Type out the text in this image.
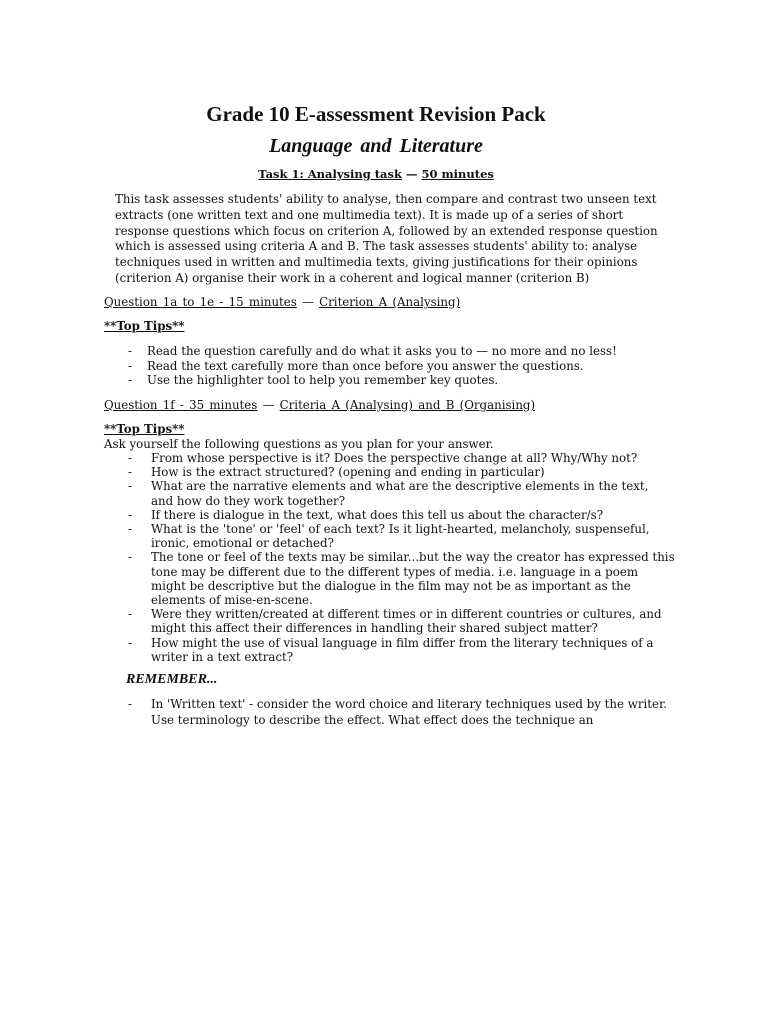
Grade 10 E-assessment Revision Pack
Language and Literature
Task 1: Analysing task — 50 minutes
This task assesses students' ability to analyse, then compare and contrast two unseen text
extracts (one written text and one multimedia text). It is made up of a series of short
response questions which focus on criterion A, followed by an extended response question
which is assessed using criteria A and B. The task assesses students' ability to: analyse
techniques used in written and multimedia texts, giving justifications for their opinions
(criterion A) organise their work in a coherent and logical manner (criterion B)
Question 1a to 1e - 15 minutes — Criterion A (Analysing)
**Top Tips**
- Read the question carefully and do what it asks you to — no more and no less!
- Read the text carefully more than once before you answer the questions.
- Use the highlighter tool to help you remember key quotes.
Question 1f - 35 minutes — Criteria A (Analysing) and B (Organising)
**Top Tips**
Ask yourself the following questions as you plan for your answer.
- From whose perspective is it? Does the perspective change at all? Why/Why not?
- How is the extract structured? (opening and ending in particular)
- What are the narrative elements and what are the descriptive elements in the text,
and how do they work together?
- If there is dialogue in the text, what does this tell us about the character/s?
- What is the 'tone' or 'feel' of each text? Is it light-hearted, melancholy, suspenseful,
ironic, emotional or detached?
- The tone or feel of the texts may be similar...but the way the creator has expressed this
tone may be different due to the different types of media. i.e. language in a poem
might be descriptive but the dialogue in the film may not be as important as the
elements of mise-en-scene.
- Were they written/created at different times or in different countries or cultures, and
might this affect their differences in handling their shared subject matter?
- How might the use of visual language in film differ from the literary techniques of a
writer in a text extract?
REMEMBER...
- In 'Written text' - consider the word choice and literary techniques used by the writer.
Use terminology to describe the effect. What effect does the technique an
